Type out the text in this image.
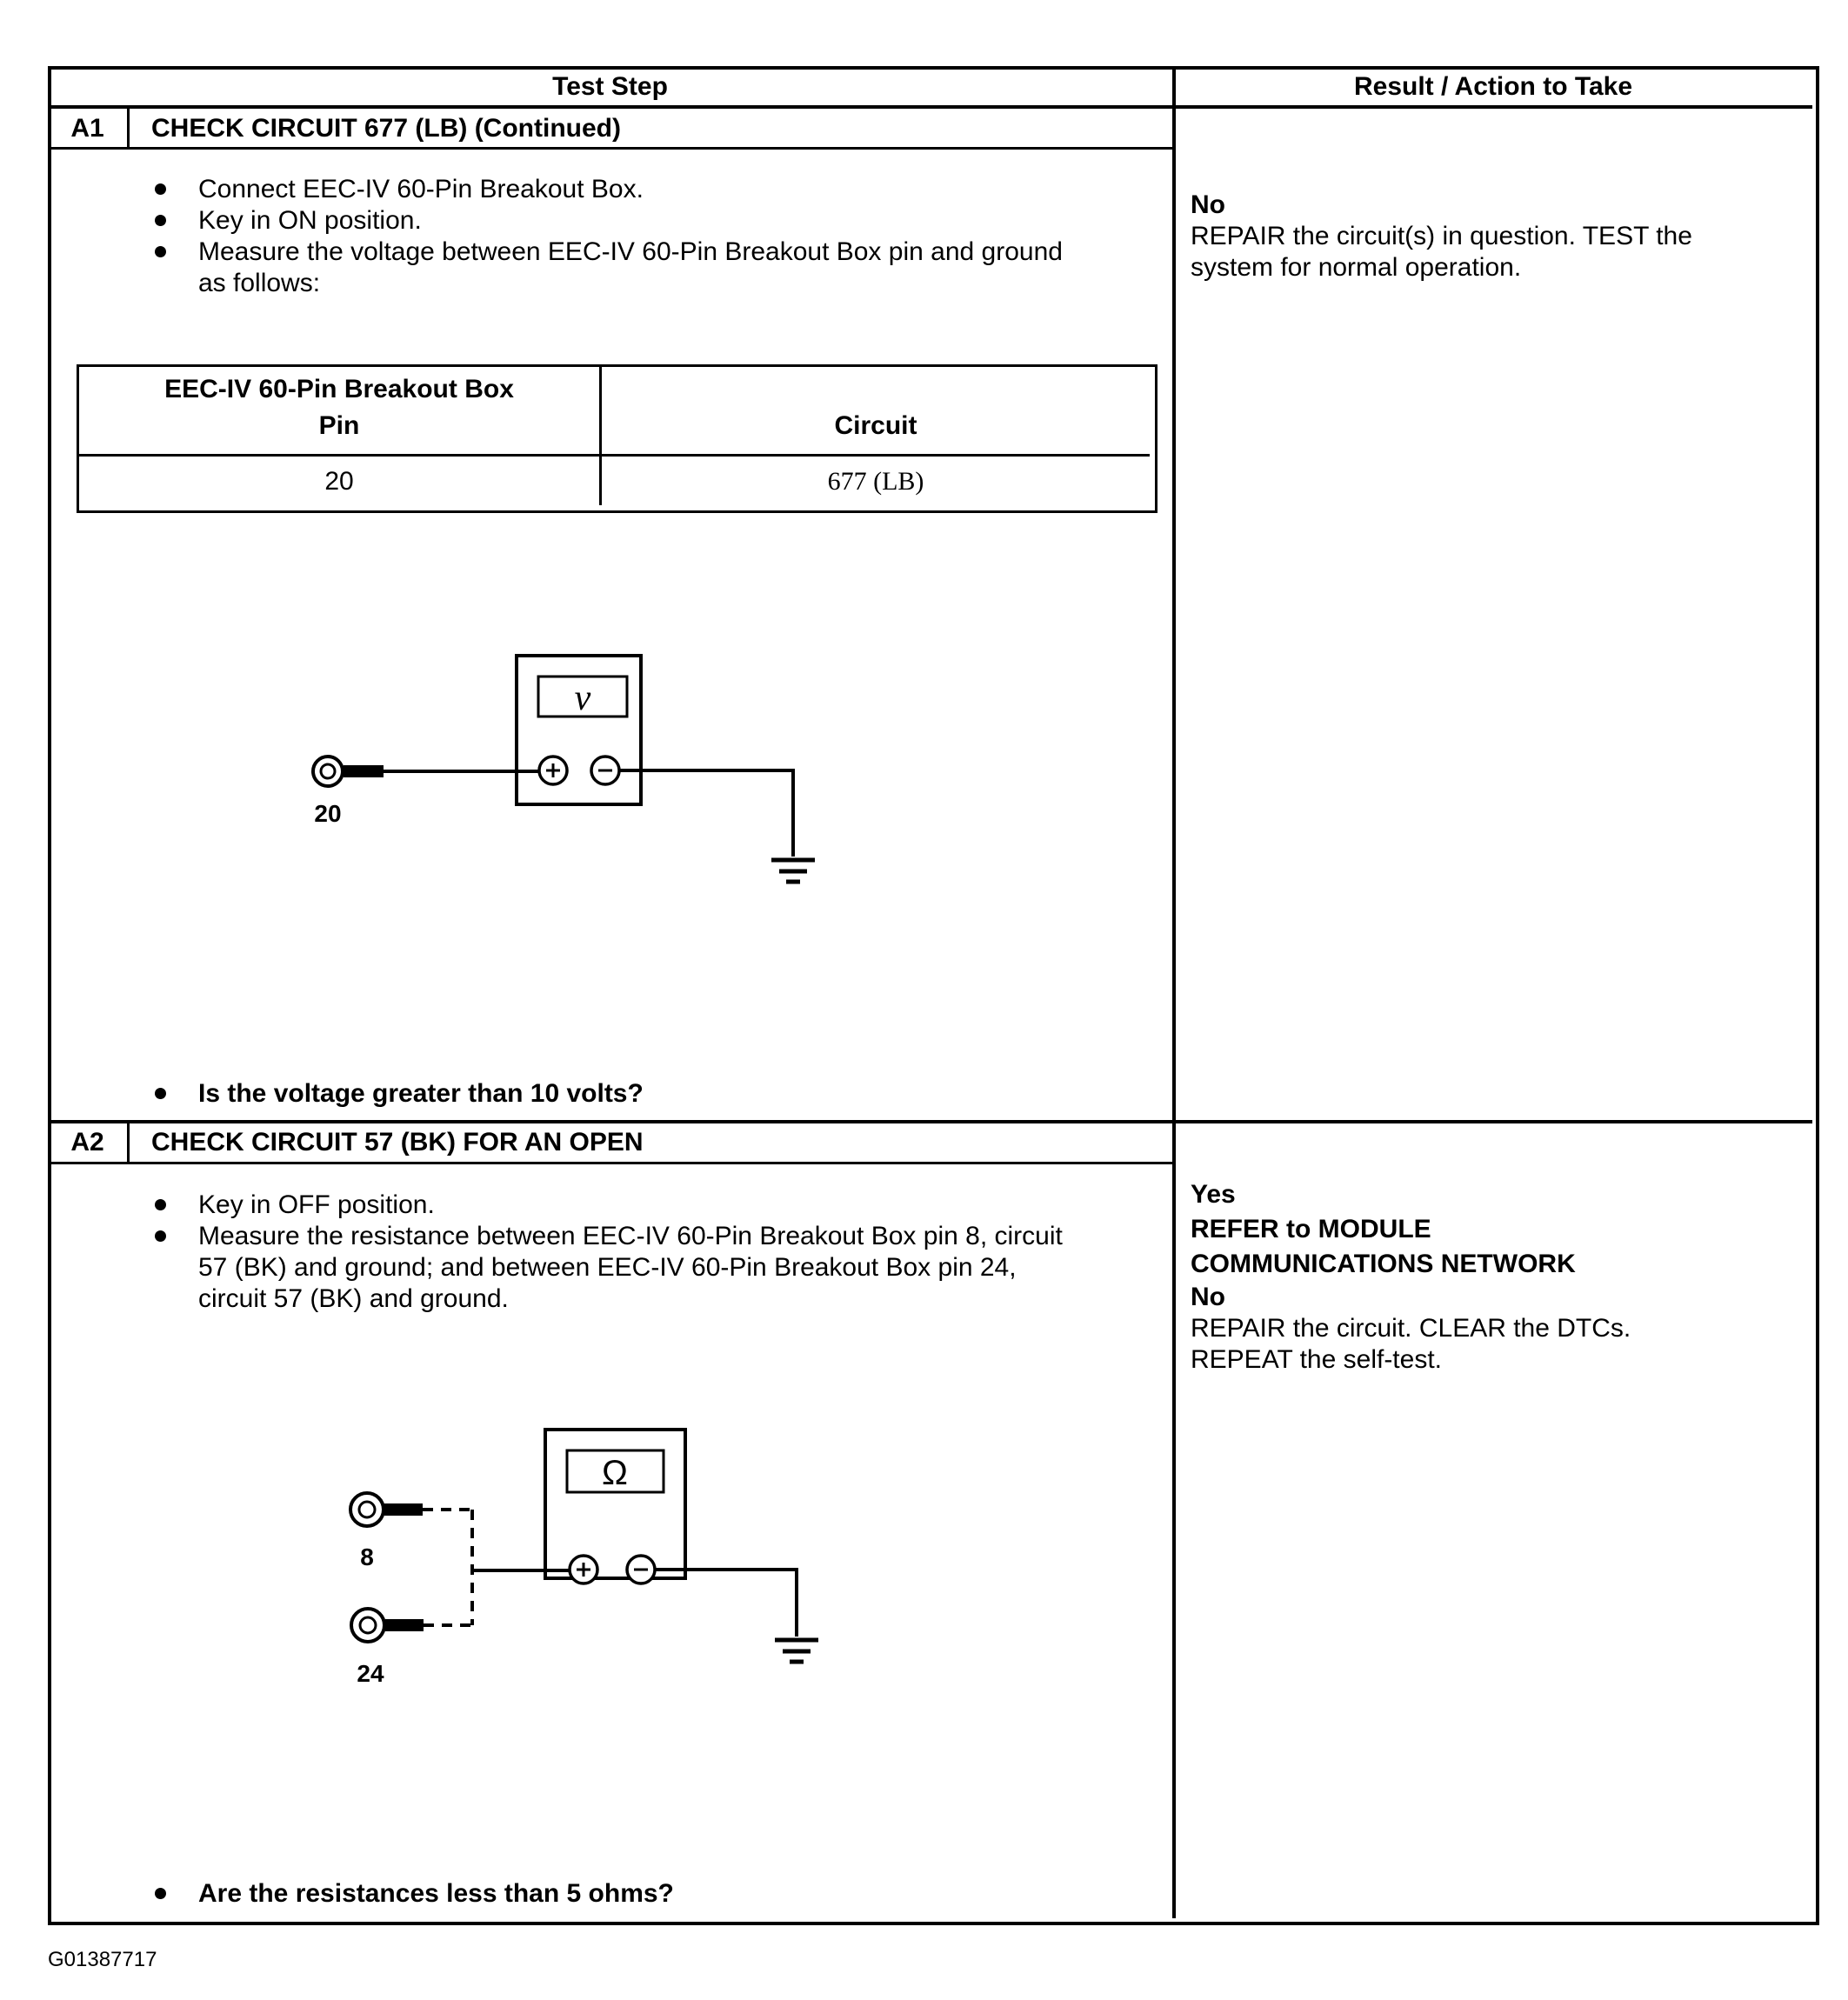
Test Step	Result / Action to Take
A1	CHECK CIRCUIT 677 (LB) (Continued)
Connect EEC-IV 60-Pin Breakout Box.
Key in ON position.
Measure the voltage between EEC-IV 60-Pin Breakout Box pin and ground as follows:
EEC-IV 60-Pin Breakout Box
Pin	Circuit
20	677 (LB)
v
20
Is the voltage greater than 10 volts?
No
REPAIR the circuit(s) in question. TEST the system for normal operation.
A2	CHECK CIRCUIT 57 (BK) FOR AN OPEN
Key in OFF position.
Measure the resistance between EEC-IV 60-Pin Breakout Box pin 8, circuit 57 (BK) and ground; and between EEC-IV 60-Pin Breakout Box pin 24, circuit 57 (BK) and ground.
Ω
8
24
Are the resistances less than 5 ohms?
Yes
REFER to MODULE COMMUNICATIONS NETWORK
No
REPAIR the circuit. CLEAR the DTCs. REPEAT the self-test.
G01387717
